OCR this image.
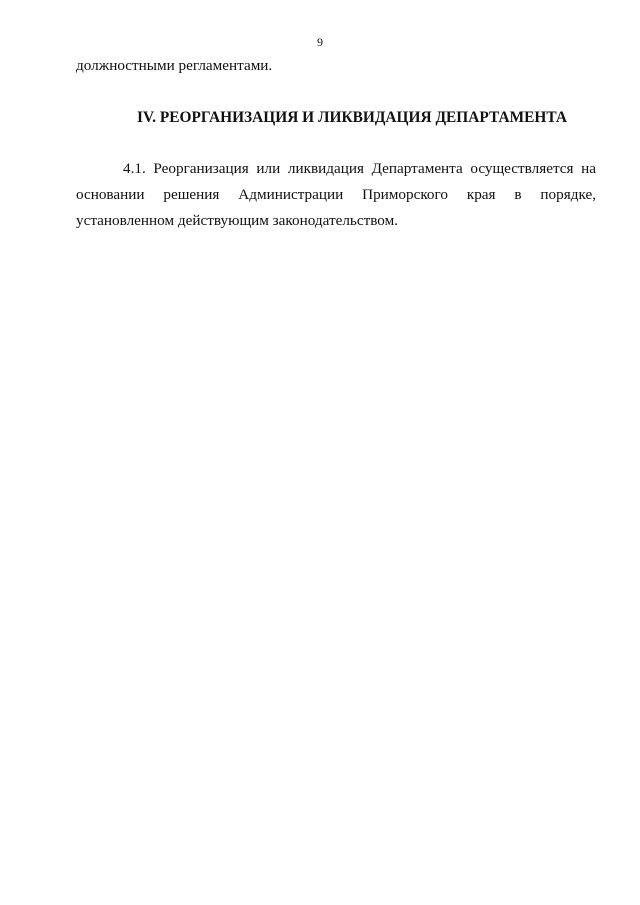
9
должностными регламентами.
IV. РЕОРГАНИЗАЦИЯ И ЛИКВИДАЦИЯ ДЕПАРТАМЕНТА
4.1. Реорганизация или ликвидация Департамента осуществляется на основании решения Администрации Приморского края в порядке, установленном действующим законодательством.
